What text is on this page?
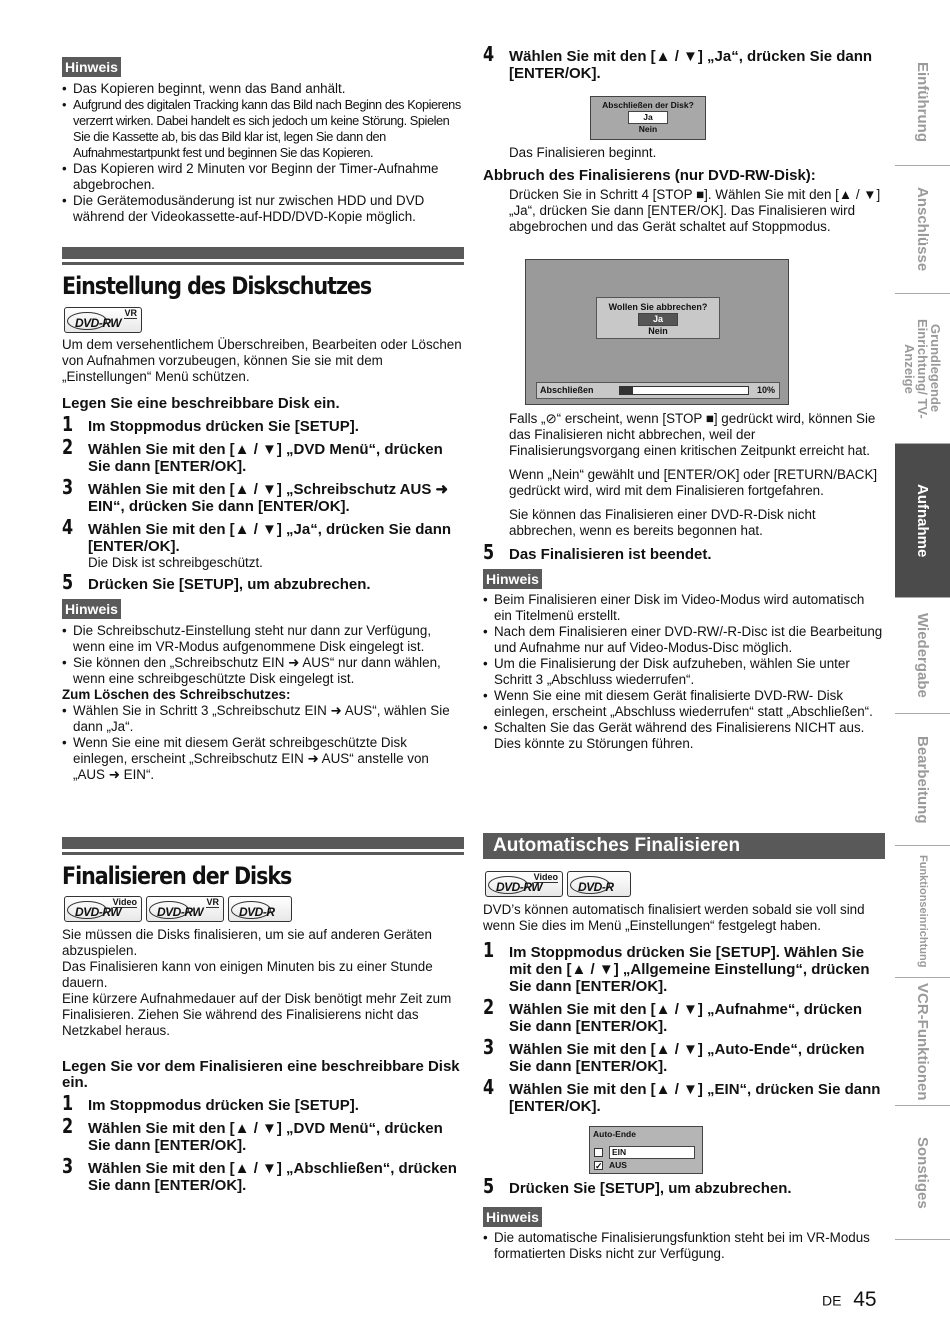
Hinweis
• Das Kopieren beginnt, wenn das Band anhält.
• Aufgrund des digitalen Tracking kann das Bild nach Beginn des Kopierens verzerrt wirken. Dabei handelt es sich jedoch um keine Störung. Spielen Sie die Kassette ab, bis das Bild klar ist, legen Sie dann den Aufnahmestartpunkt fest und beginnen Sie das Kopieren.
• Das Kopieren wird 2 Minuten vor Beginn der Timer-Aufnahme abgebrochen.
• Die Gerätemodusänderung ist nur zwischen HDD und DVD während der Videokassette-auf-HDD/DVD-Kopie möglich.
Einstellung des Diskschutzes
VR
DVD-RW

Um dem versehentlichem Überschreiben, Bearbeiten oder Löschen von Aufnahmen vorzubeugen, können Sie sie mit dem „Einstellungen“ Menü schützen.

Legen Sie eine beschreibbare Disk ein.

1 Im Stoppmodus drücken Sie [SETUP].
2 Wählen Sie mit den [▲ / ▼] „DVD Menü“, drücken Sie dann [ENTER/OK].
3 Wählen Sie mit den [▲ / ▼] „Schreibschutz AUS ➜ EIN“, drücken Sie dann [ENTER/OK].
4 Wählen Sie mit den [▲ / ▼] „Ja“, drücken Sie dann [ENTER/OK].

Die Disk ist schreibgeschützt.

5 Drücken Sie [SETUP], um abzubrechen.
Hinweis
• Die Schreibschutz-Einstellung steht nur dann zur Verfügung, wenn eine im VR-Modus aufgenommene Disk eingelegt ist.
• Sie können den „Schreibschutz EIN ➜ AUS“ nur dann wählen, wenn eine schreibgeschützte Disk eingelegt ist.

Zum Löschen des Schreibschutzes:

• Wählen Sie in Schritt 3 „Schreibschutz EIN ➜ AUS“, wählen Sie dann „Ja“.
• Wenn Sie eine mit diesem Gerät schreibgeschützte Disk einlegen, erscheint „Schreibschutz EIN ➜ AUS“ anstelle von „AUS ➜ EIN“.
Finalisieren der Disks
Video
DVD-RW
VR
DVD-RW	DVD-R

Sie müssen die Disks finalisieren, um sie auf anderen Geräten abzuspielen.

Das Finalisieren kann von einigen Minuten bis zu einer Stunde dauern.

Eine kürzere Aufnahmedauer auf der Disk benötigt mehr Zeit zum Finalisieren. Ziehen Sie während des Finalisierens nicht das Netzkabel heraus.

Legen Sie vor dem Finalisieren eine beschreibbare Disk ein.

1 Im Stoppmodus drücken Sie [SETUP].
2 Wählen Sie mit den [▲ / ▼] „DVD Menü“, drücken Sie dann [ENTER/OK].
3 Wählen Sie mit den [▲ / ▼] „Abschließen“, drücken Sie dann [ENTER/OK].
4 Wählen Sie mit den [▲ / ▼] „Ja“, drücken Sie dann [ENTER/OK].
Abschließen der Disk?
Ja
Nein

Das Finalisieren beginnt.

Abbruch des Finalisierens (nur DVD-RW-Disk):

Drücken Sie in Schritt 4 [STOP ■]. Wählen Sie mit den [▲ / ▼] „Ja“, drücken Sie dann [ENTER/OK]. Das Finalisieren wird abgebrochen und das Gerät schaltet auf Stoppmodus.

Wollen Sie abbrechen?
Ja
Nein
Abschließen	10%

Falls „⊘“ erscheint, wenn [STOP ■] gedrückt wird, können Sie das Finalisieren nicht abbrechen, weil der Finalisierungsvorgang einen kritischen Zeitpunkt erreicht hat.

Wenn „Nein“ gewählt und [ENTER/OK] oder [RETURN/BACK] gedrückt wird, wird mit dem Finalisieren fortgefahren.

Sie können das Finalisieren einer DVD-R-Disk nicht abbrechen, wenn es bereits begonnen hat.

5 Das Finalisieren ist beendet.
Hinweis
• Beim Finalisieren einer Disk im Video-Modus wird automatisch ein Titelmenü erstellt.
• Nach dem Finalisieren einer DVD-RW/-R-Disc ist die Bearbeitung und Aufnahme nur auf Video-Modus-Disc möglich.
• Um die Finalisierung der Disk aufzuheben, wählen Sie unter Schritt 3 „Abschluss wiederrufen“.
• Wenn Sie eine mit diesem Gerät finalisierte DVD-RW- Disk einlegen, erscheint „Abschluss wiederrufen“ statt „Abschließen“.
• Schalten Sie das Gerät während des Finalisierens NICHT aus. Dies könnte zu Störungen führen.
Automatisches Finalisieren
Video
DVD-RW	DVD-R

DVD’s können automatisch finalisiert werden sobald sie voll sind wenn Sie dies im Menü „Einstellungen“ festgelegt haben.

1 Im Stoppmodus drücken Sie [SETUP]. Wählen Sie mit den [▲ / ▼] „Allgemeine Einstellung“, drücken Sie dann [ENTER/OK].
2 Wählen Sie mit den [▲ / ▼] „Aufnahme“, drücken Sie dann [ENTER/OK].
3 Wählen Sie mit den [▲ / ▼] „Auto-Ende“, drücken Sie dann [ENTER/OK].
4 Wählen Sie mit den [▲ / ▼] „EIN“, drücken Sie dann [ENTER/OK].
Auto-Ende
EIN
✓ AUS
5 Drücken Sie [SETUP], um abzubrechen.
Hinweis
• Die automatische Finalisierungsfunktion steht bei im VR-Modus formatierten Disks nicht zur Verfügung.
Einführung
Anschlüsse
Grundlegende Einrichtung/ TV-Anzeige
Aufnahme
Wiedergabe
Bearbeitung
Funktionseinrichtung
VCR-Funktionen
Sonstiges
DE 45
